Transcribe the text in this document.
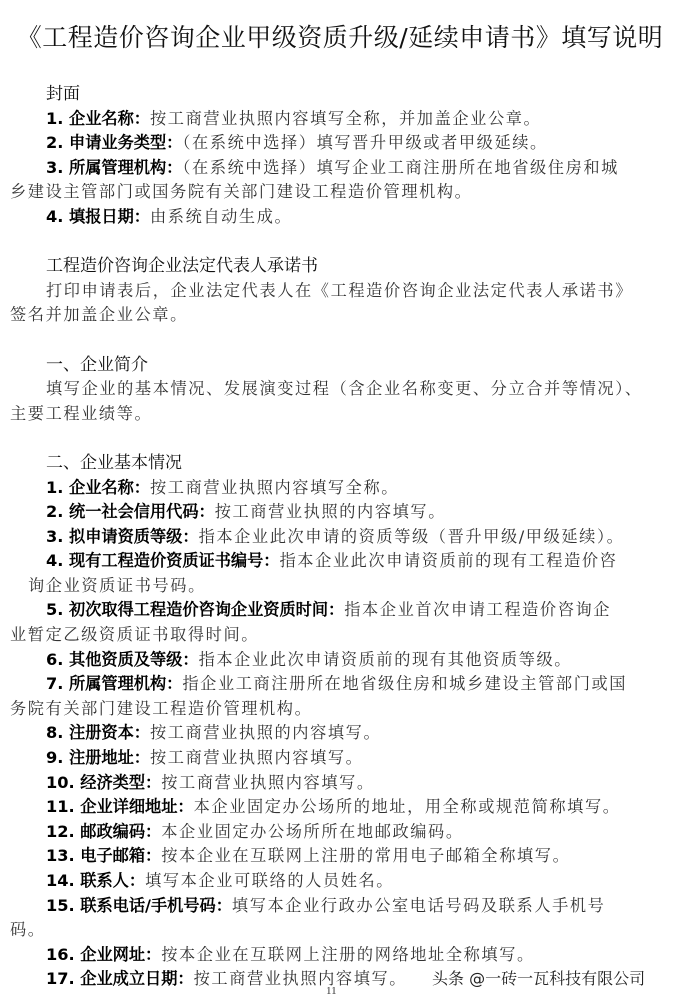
《工程造价咨询企业甲级资质升级/延续申请书》填写说明
封面
1. 企业名称：按工商营业执照内容填写全称，并加盖企业公章。
2. 申请业务类型：（在系统中选择）填写晋升甲级或者甲级延续。
3. 所属管理机构：（在系统中选择）填写企业工商注册所在地省级住房和城
乡建设主管部门或国务院有关部门建设工程造价管理机构。
4. 填报日期：由系统自动生成。
工程造价咨询企业法定代表人承诺书
打印申请表后，企业法定代表人在《工程造价咨询企业法定代表人承诺书》
签名并加盖企业公章。
一、企业简介
填写企业的基本情况、发展演变过程（含企业名称变更、分立合并等情况）、
主要工程业绩等。
二、企业基本情况
1. 企业名称：按工商营业执照内容填写全称。
2. 统一社会信用代码：按工商营业执照的内容填写。
3. 拟申请资质等级：指本企业此次申请的资质等级（晋升甲级/甲级延续）。
4. 现有工程造价资质证书编号：指本企业此次申请资质前的现有工程造价咨
询企业资质证书号码。
5. 初次取得工程造价咨询企业资质时间：指本企业首次申请工程造价咨询企
业暂定乙级资质证书取得时间。
6. 其他资质及等级：指本企业此次申请资质前的现有其他资质等级。
7. 所属管理机构：指企业工商注册所在地省级住房和城乡建设主管部门或国
务院有关部门建设工程造价管理机构。
8. 注册资本：按工商营业执照的内容填写。
9. 注册地址：按工商营业执照内容填写。
10. 经济类型：按工商营业执照内容填写。
11. 企业详细地址：本企业固定办公场所的地址，用全称或规范简称填写。
12. 邮政编码：本企业固定办公场所所在地邮政编码。
13. 电子邮箱：按本企业在互联网上注册的常用电子邮箱全称填写。
14. 联系人：填写本企业可联络的人员姓名。
15. 联系电话/手机号码：填写本企业行政办公室电话号码及联系人手机号
码。
16. 企业网址：按本企业在互联网上注册的网络地址全称填写。
17. 企业成立日期：按工商营业执照内容填写。	头条 @一砖一瓦科技有限公司
11
